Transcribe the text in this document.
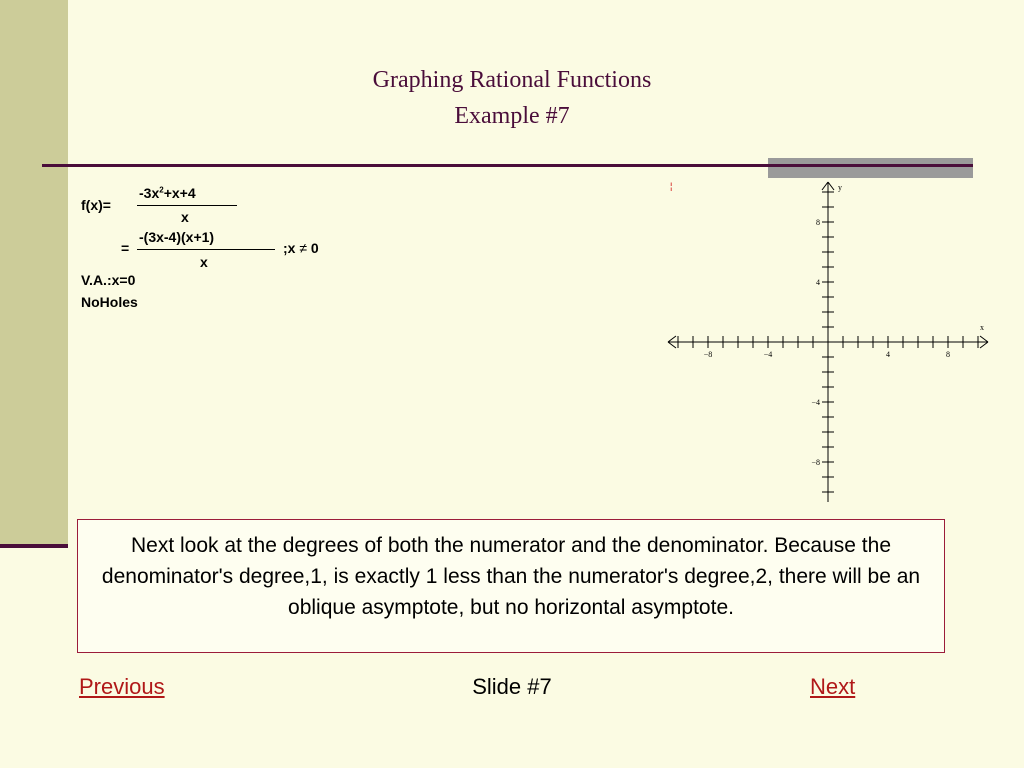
Graphing Rational Functions
Example #7
f(x)=
$-3x^2+x+4$
x
=
-(3x-4)(x+1)
x
;x ≠ 0
V.A.:x=0
NoHoles
¦
−8	−4	4	8
8
4
−4
−8
x
y

Next look at the degrees of both the numerator and the denominator. Because the denominator's degree,1, is exactly 1 less than the numerator's degree,2, there will be an oblique asymptote, but no horizontal asymptote.

Previous	Slide #7	Next
